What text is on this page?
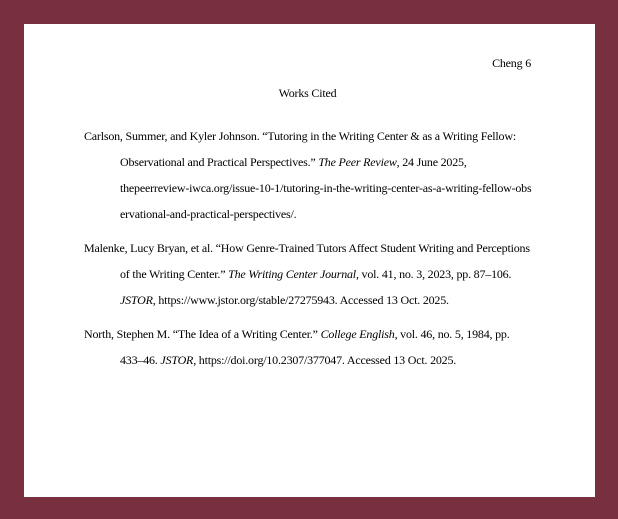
Cheng 6
Works Cited
Carlson, Summer, and Kyler Johnson. “Tutoring in the Writing Center & as a Writing Fellow:
Observational and Practical Perspectives.” The Peer Review, 24 June 2025,
thepeerreview-iwca.org/issue-10-1/tutoring-in-the-writing-center-as-a-writing-fellow-obs
ervational-and-practical-perspectives/.
Malenke, Lucy Bryan, et al. “How Genre-Trained Tutors Affect Student Writing and Perceptions
of the Writing Center.” The Writing Center Journal, vol. 41, no. 3, 2023, pp. 87–106.
JSTOR, https://www.jstor.org/stable/27275943. Accessed 13 Oct. 2025.
North, Stephen M. “The Idea of a Writing Center.” College English, vol. 46, no. 5, 1984, pp.
433–46. JSTOR, https://doi.org/10.2307/377047. Accessed 13 Oct. 2025.
